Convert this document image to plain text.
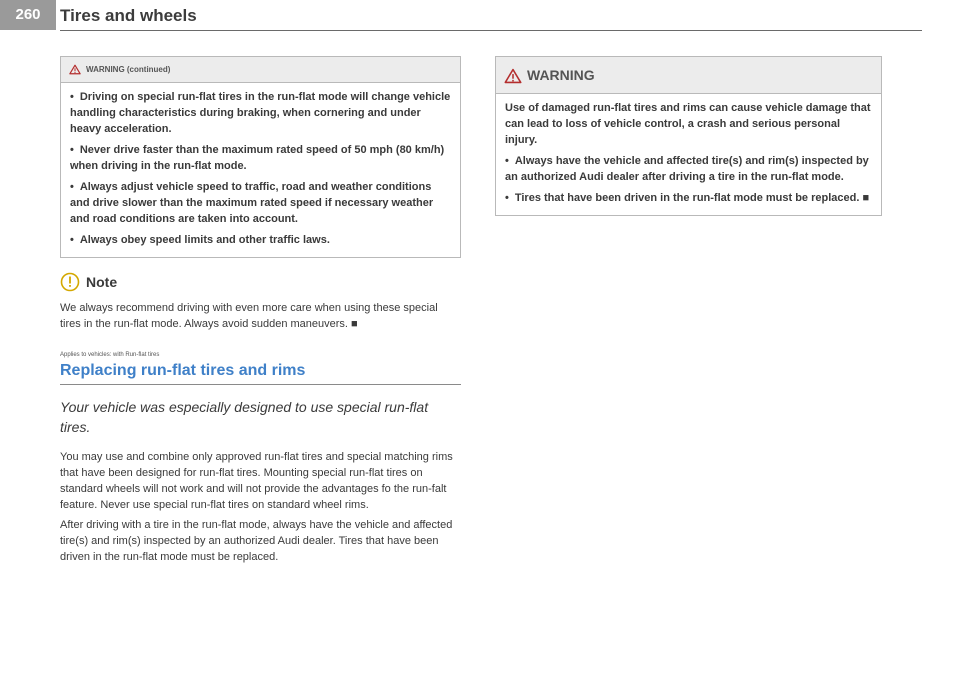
260	Tires and wheels
WARNING (continued)

• Driving on special run-flat tires in the run-flat mode will change vehicle handling characteristics during braking, when cornering and under heavy acceleration.

• Never drive faster than the maximum rated speed of 50 mph (80 km/h) when driving in the run-flat mode.

• Always adjust vehicle speed to traffic, road and weather conditions and drive slower than the maximum rated speed if necessary weather and road conditions are taken into account.

• Always obey speed limits and other traffic laws.

Note

We always recommend driving with even more care when using these special tires in the run-flat mode. Always avoid sudden maneuvers. ■

Applies to vehicles: with Run-flat tires
Replacing run-flat tires and rims
Your vehicle was especially designed to use special run-flat tires.

You may use and combine only approved run-flat tires and special matching rims that have been designed for run-flat tires. Mounting special run-flat tires on standard wheels will not work and will not provide the advantages fo the run-falt feature. Never use special run-flat tires on standard wheel rims.

After driving with a tire in the run-flat mode, always have the vehicle and affected tire(s) and rim(s) inspected by an authorized Audi dealer. Tires that have been driven in the run-flat mode must be replaced.

WARNING

Use of damaged run-flat tires and rims can cause vehicle damage that can lead to loss of vehicle control, a crash and serious personal injury.

• Always have the vehicle and affected tire(s) and rim(s) inspected by an authorized Audi dealer after driving a tire in the run-flat mode.

• Tires that have been driven in the run-flat mode must be replaced. ■
